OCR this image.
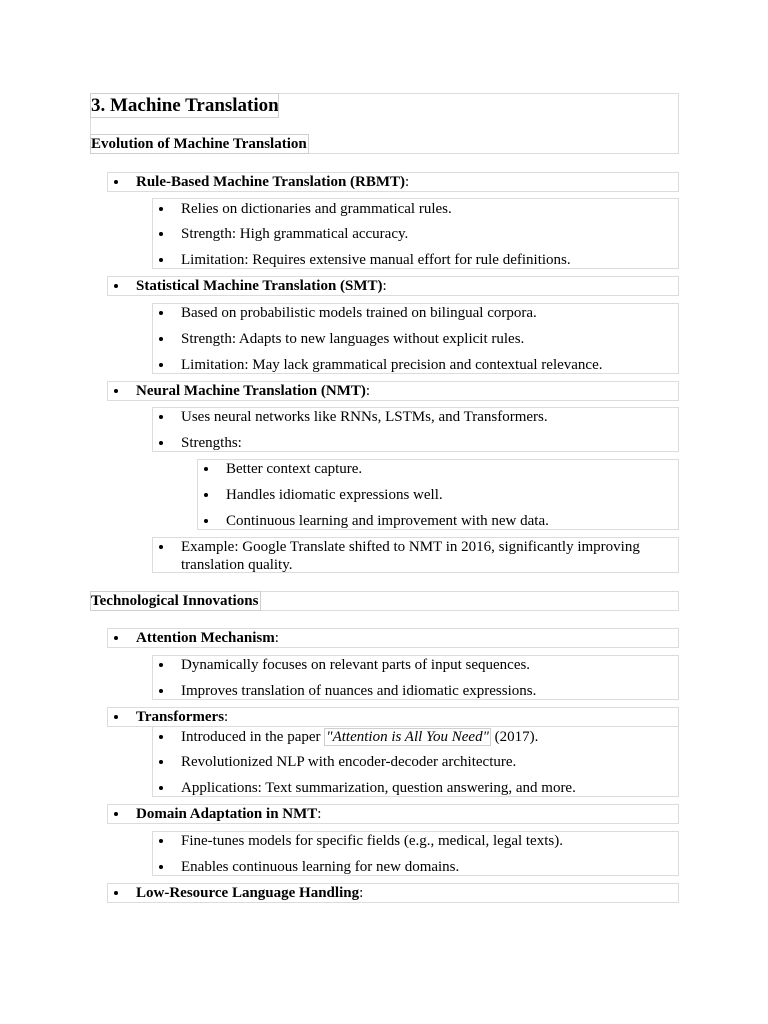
3. Machine Translation
Evolution of Machine Translation
Rule-Based Machine Translation (RBMT):
Relies on dictionaries and grammatical rules.
Strength: High grammatical accuracy.
Limitation: Requires extensive manual effort for rule definitions.
Statistical Machine Translation (SMT):
Based on probabilistic models trained on bilingual corpora.
Strength: Adapts to new languages without explicit rules.
Limitation: May lack grammatical precision and contextual relevance.
Neural Machine Translation (NMT):
Uses neural networks like RNNs, LSTMs, and Transformers.
Strengths:
Better context capture.
Handles idiomatic expressions well.
Continuous learning and improvement with new data.
Example: Google Translate shifted to NMT in 2016, significantly improving translation quality.
Technological Innovations
Attention Mechanism:
Dynamically focuses on relevant parts of input sequences.
Improves translation of nuances and idiomatic expressions.
Transformers:
Introduced in the paper "Attention is All You Need" (2017).
Revolutionized NLP with encoder-decoder architecture.
Applications: Text summarization, question answering, and more.
Domain Adaptation in NMT:
Fine-tunes models for specific fields (e.g., medical, legal texts).
Enables continuous learning for new domains.
Low-Resource Language Handling:
